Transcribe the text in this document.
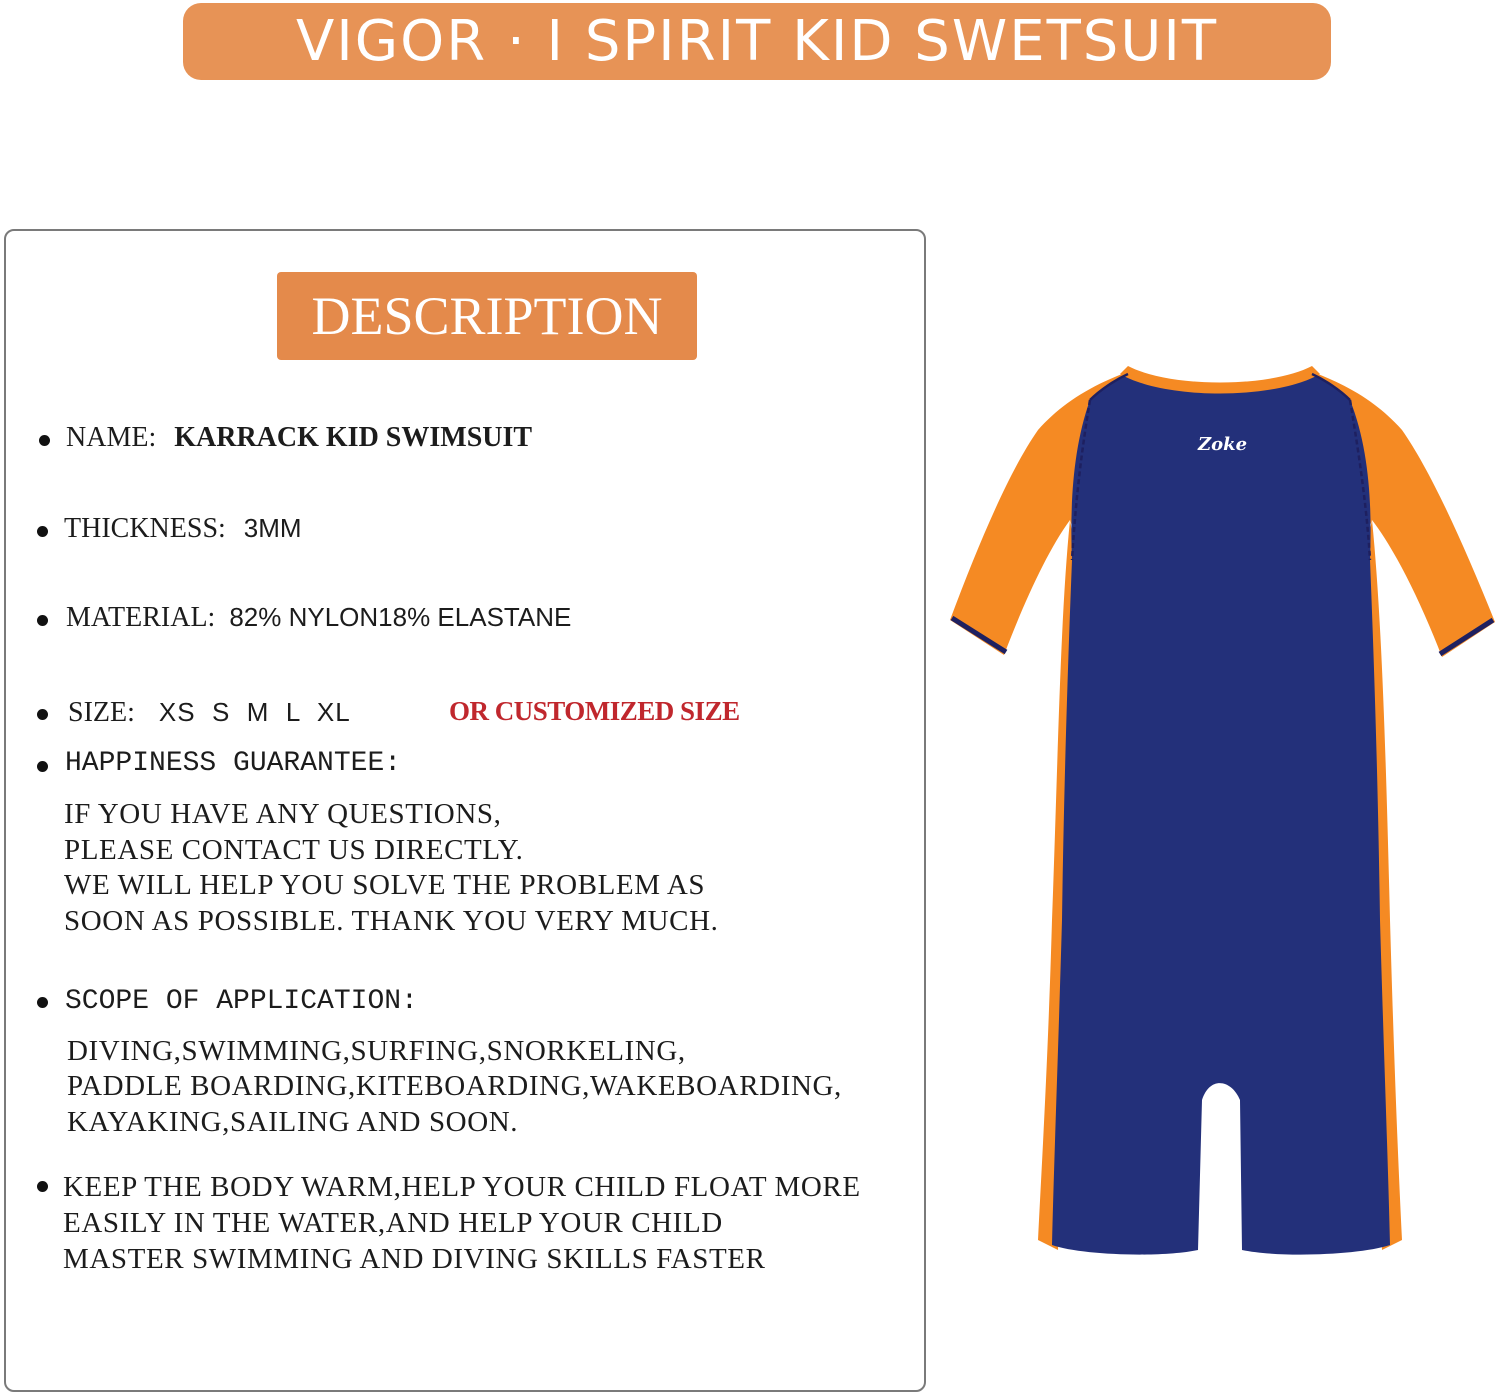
VIGOR · I SPIRIT KID SWETSUIT
DESCRIPTION
NAME: KARRACK KID SWIMSUIT
THICKNESS: 3MM
MATERIAL: 82% NYLON18% ELASTANE
SIZE: XS  S  M  L  XL	OR CUSTOMIZED SIZE
HAPPINESS GUARANTEE:
IF YOU HAVE ANY QUESTIONS,
PLEASE CONTACT US DIRECTLY.
WE WILL HELP YOU SOLVE THE PROBLEM AS
SOON AS POSSIBLE. THANK YOU VERY MUCH.
SCOPE OF APPLICATION:
DIVING,SWIMMING,SURFING,SNORKELING,
PADDLE BOARDING,KITEBOARDING,WAKEBOARDING,
KAYAKING,SAILING AND SOON.
KEEP THE BODY WARM,HELP YOUR CHILD FLOAT MORE
EASILY IN THE WATER,AND HELP YOUR CHILD
MASTER SWIMMING AND DIVING SKILLS FASTER
Zoke
